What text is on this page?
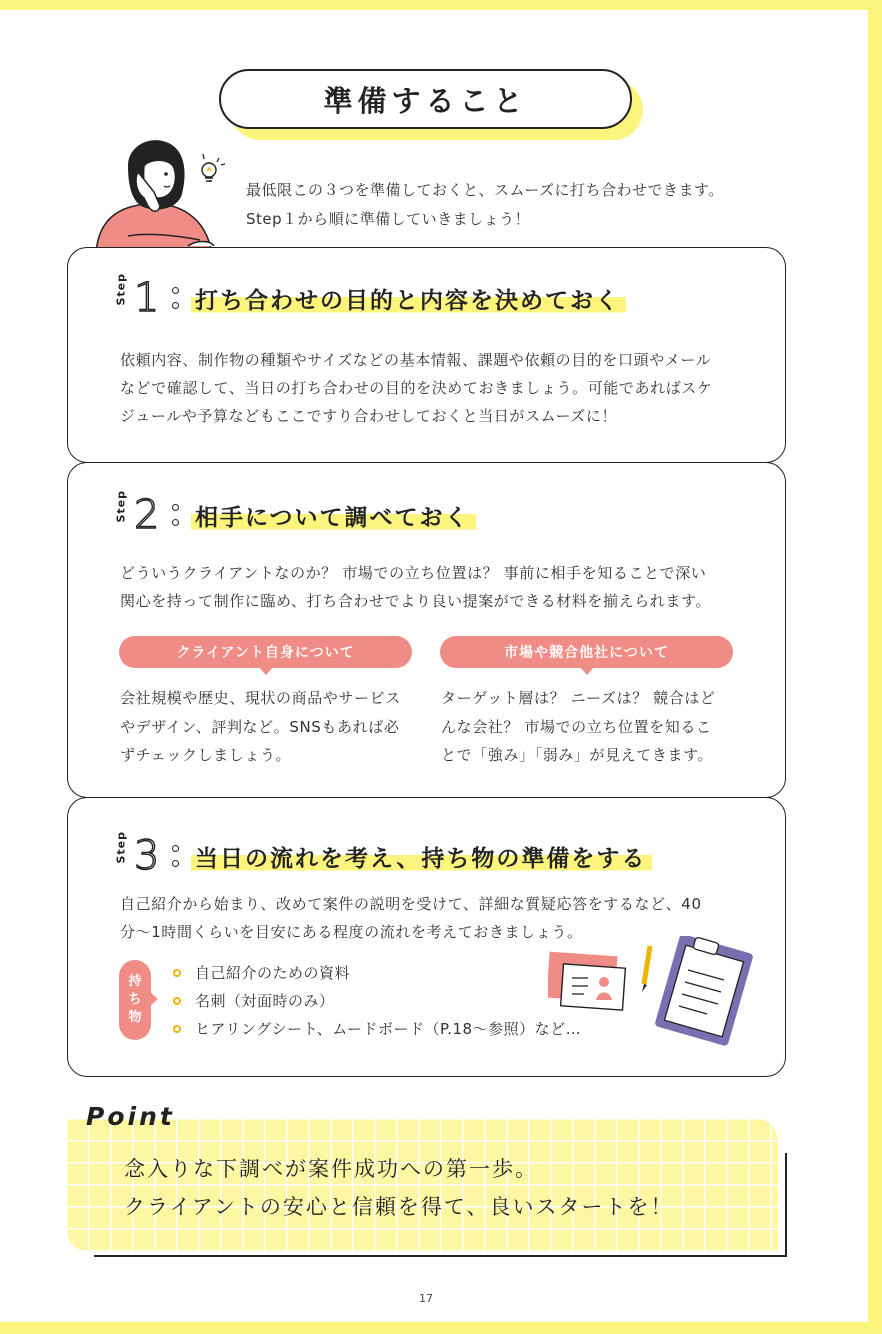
準備すること

最低限この３つを準備しておくと、スムーズに打ち合わせできます。

Step１から順に準備していきましょう！

Step 1	打ち合わせの目的と内容を決めておく

依頼内容、制作物の種類やサイズなどの基本情報、課題や依頼の目的を口頭やメール

などで確認して、当日の打ち合わせの目的を決めておきましょう。可能であればスケ

ジュールや予算などもここですり合わせしておくと当日がスムーズに！

Step 2	相手について調べておく

どういうクライアントなのか？ 市場での立ち位置は？ 事前に相手を知ることで深い

関心を持って制作に臨め、打ち合わせでより良い提案ができる材料を揃えられます。

クライアント自身について

会社規模や歴史、現状の商品やサービス

やデザイン、評判など。SNSもあれば必

ずチェックしましょう。

市場や競合他社について

ターゲット層は？ ニーズは？ 競合はど

んな会社？ 市場での立ち位置を知るこ

とで「強み」「弱み」が見えてきます。

Step 3	当日の流れを考え、持ち物の準備をする

自己紹介から始まり、改めて案件の説明を受けて、詳細な質疑応答をするなど、40

分～1時間くらいを目安にある程度の流れを考えておきましょう。

持
ち
物
自己紹介のための資料
名刺（対面時のみ）
ヒアリングシート、ムードボード（P.18～参照）など…
Point

念入りな下調べが案件成功への第一歩。

クライアントの安心と信頼を得て、良いスタートを！

17
